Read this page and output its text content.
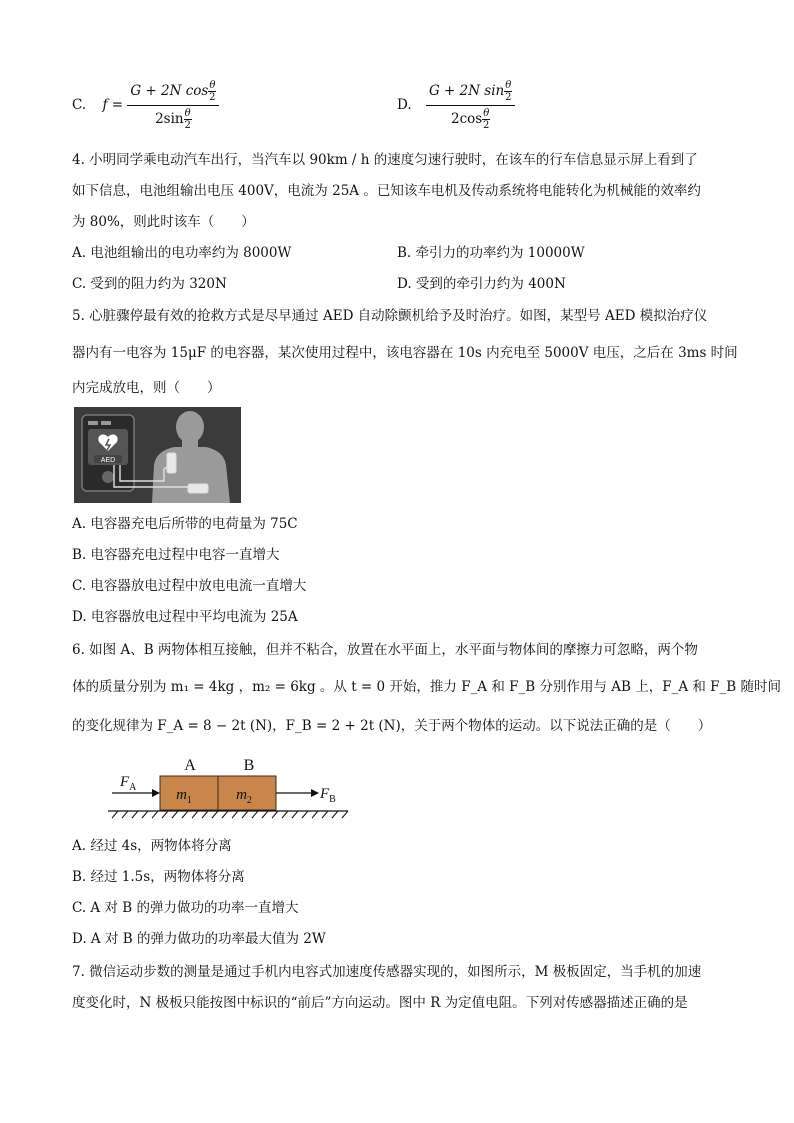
C. $f = \frac{G + 2N \cos \frac{\theta}{2}}{2\sin \frac{\theta}{2}}$	D. $\frac{G + 2N \sin \frac{\theta}{2}}{2\cos \frac{\theta}{2}}$
4. 小明同学乘电动汽车出行，当汽车以 90km / h 的速度匀速行驶时，在该车的行车信息显示屏上看到了
如下信息，电池组输出电压 400V，电流为 25A 。已知该车电机及传动系统将电能转化为机械能的效率约
为 80%，则此时该车（　　）
A. 电池组输出的电功率约为 8000W	B. 牵引力的功率约为 10000W
C. 受到的阻力约为 320N	D. 受到的牵引力约为 400N
5. 心脏骤停最有效的抢救方式是尽早通过 AED 自动除颤机给予及时治疗。如图，某型号 AED 模拟治疗仪
器内有一电容为 15μF 的电容器，某次使用过程中，该电容器在 10s 内充电至 5000V 电压，之后在 3ms 时间
内完成放电，则（　　）
AED
A. 电容器充电后所带的电荷量为 75C
B. 电容器充电过程中电容一直增大
C. 电容器放电过程中放电电流一直增大
D. 电容器放电过程中平均电流为 25A
6. 如图 A、B 两物体相互接触，但并不粘合，放置在水平面上，水平面与物体间的摩擦力可忽略，两个物
体的质量分别为 m₁ = 4kg ，m₂ = 6kg 。从 t = 0 开始，推力 F_A 和 F_B 分别作用与 AB 上，F_A 和 F_B 随时间
的变化规律为 F_A = 8 − 2t (N)，F_B = 2 + 2t (N)，关于两个物体的运动。以下说法正确的是（　　）
A	B
$m_1$	$m_2$
$F_A$	$F_B$
A. 经过 4s，两物体将分离
B. 经过 1.5s，两物体将分离
C. A 对 B 的弹力做功的功率一直增大
D. A 对 B 的弹力做功的功率最大值为 2W
7. 微信运动步数的测量是通过手机内电容式加速度传感器实现的，如图所示，M 极板固定，当手机的加速
度变化时，N 极板只能按图中标识的“前后”方向运动。图中 R 为定值电阻。下列对传感器描述正确的是
